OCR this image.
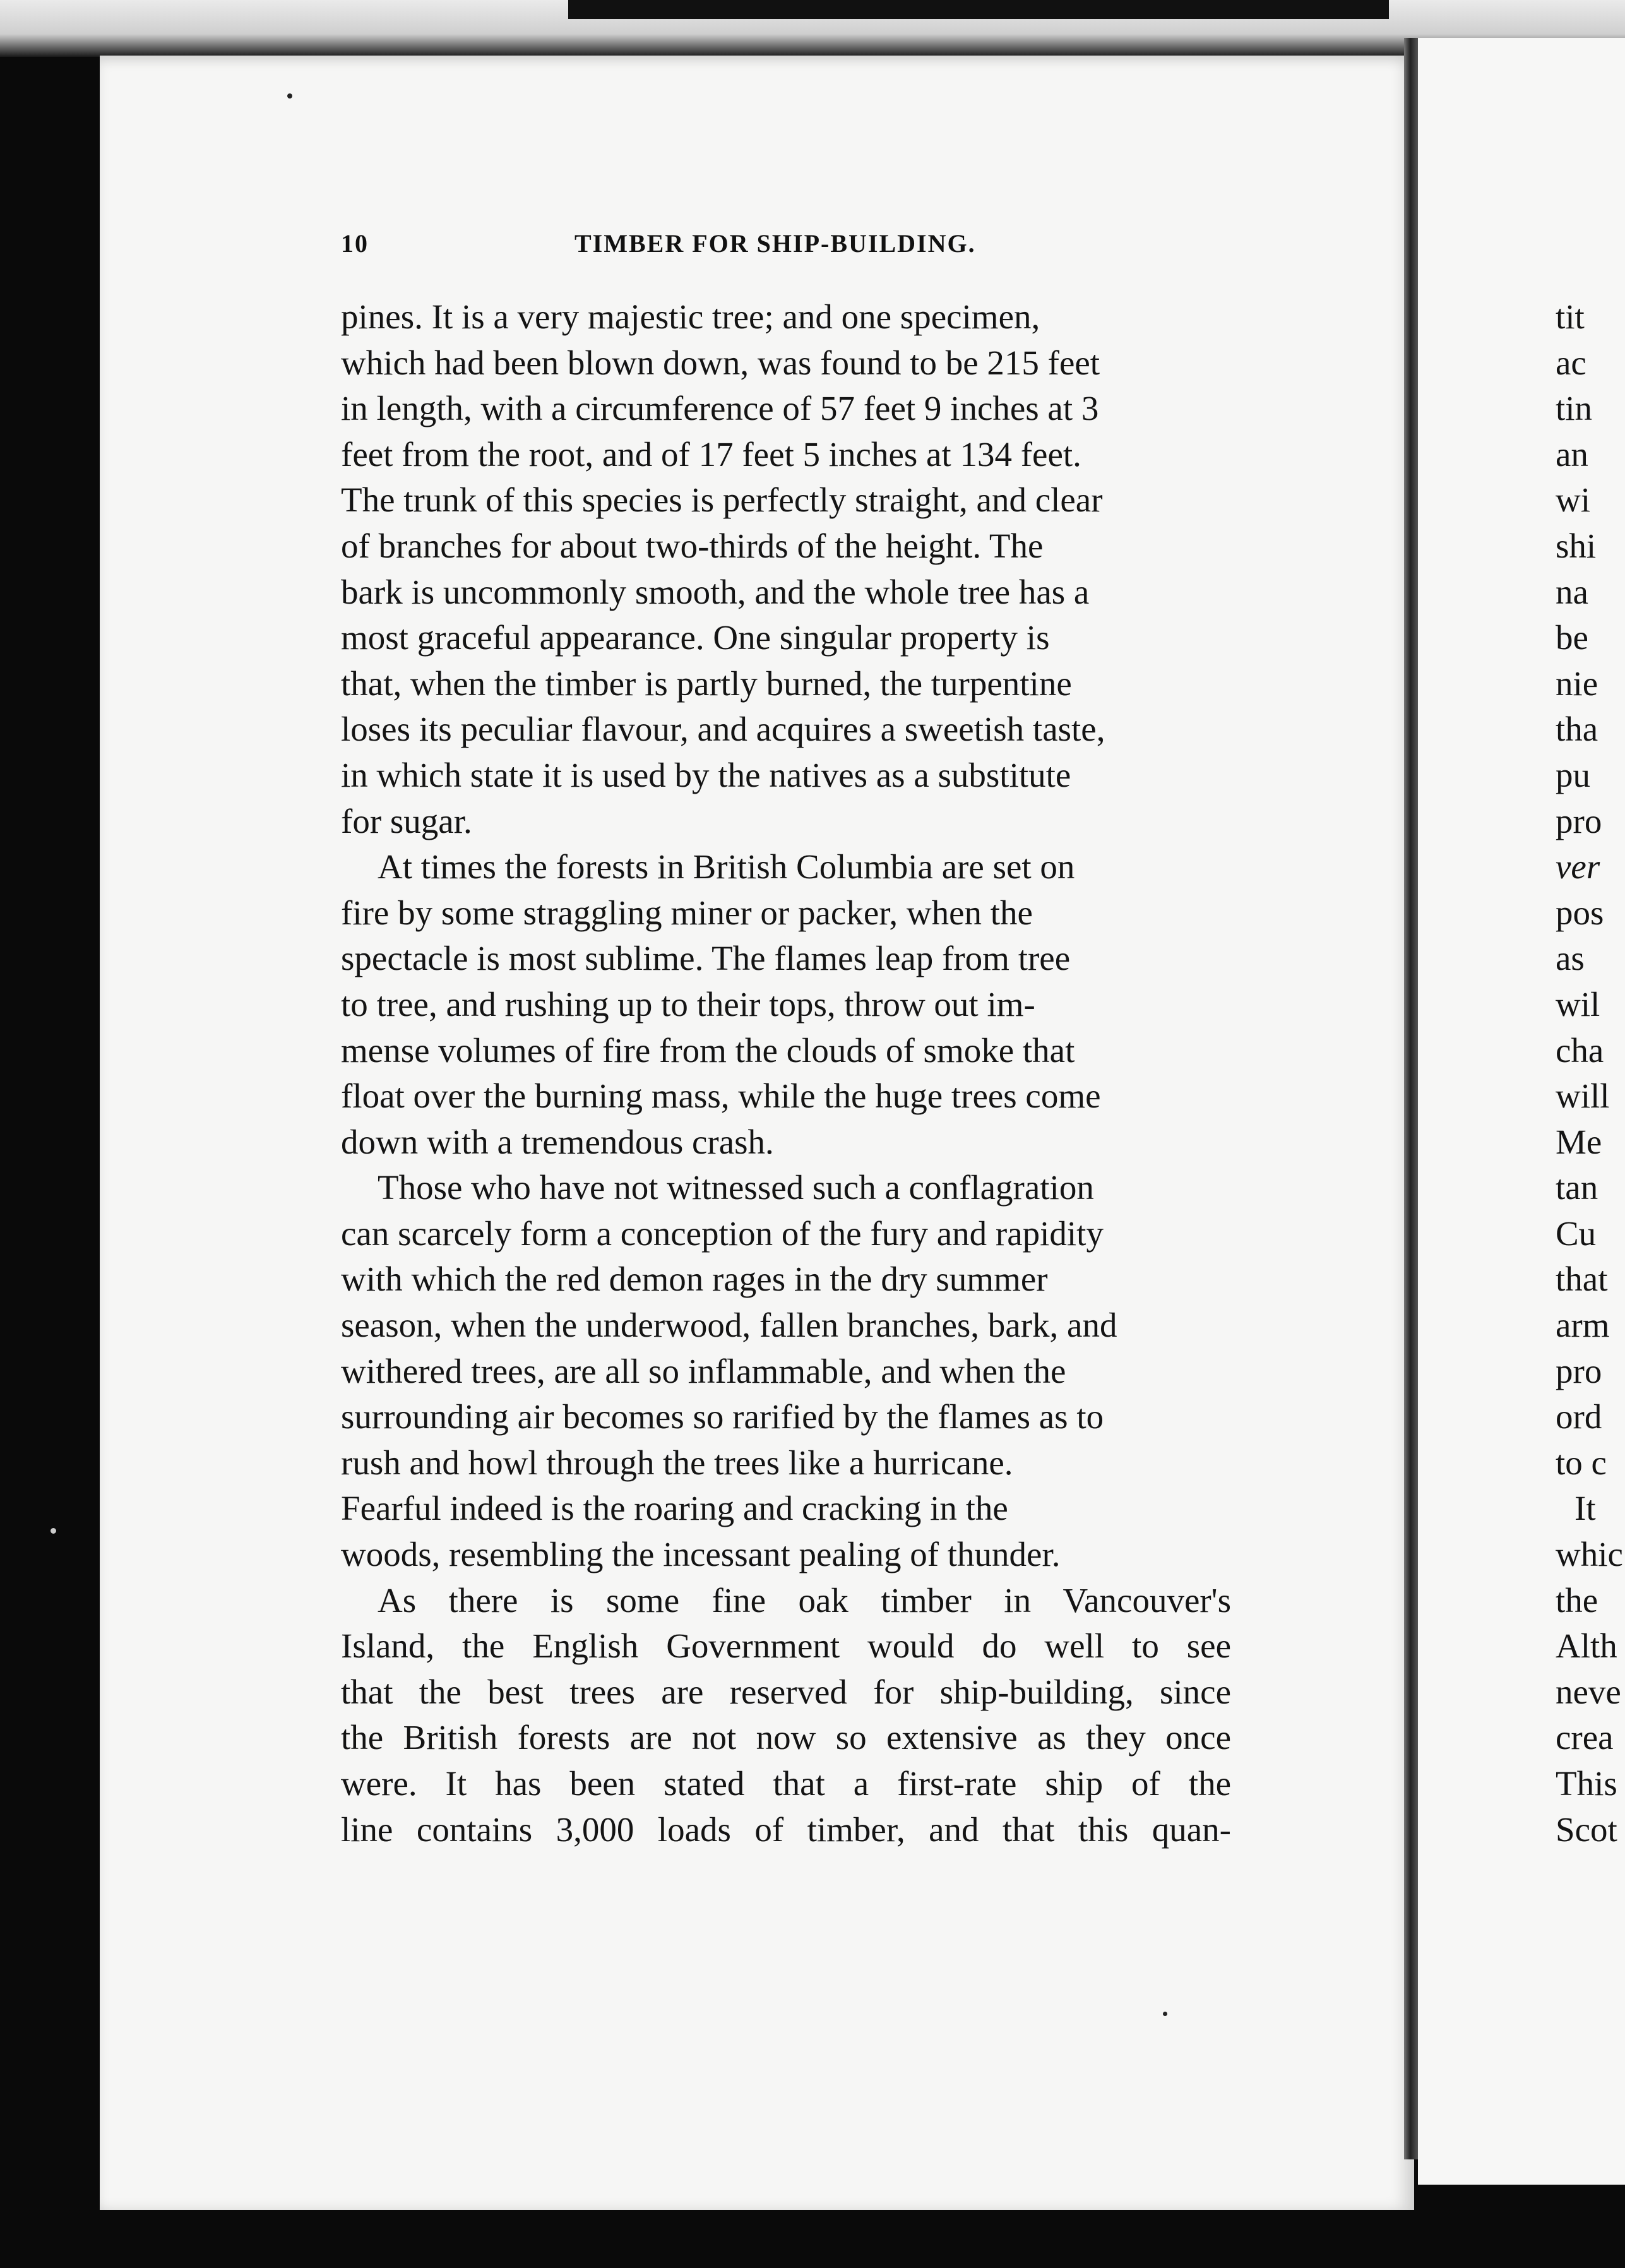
10	TIMBER FOR SHIP-BUILDING.

pines. It is a very majestic tree; and one specimen,
which had been blown down, was found to be 215 feet
in length, with a circumference of 57 feet 9 inches at 3
feet from the root, and of 17 feet 5 inches at 134 feet.
The trunk of this species is perfectly straight, and clear
of branches for about two-thirds of the height. The
bark is uncommonly smooth, and the whole tree has a
most graceful appearance. One singular property is
that, when the timber is partly burned, the turpentine
loses its peculiar flavour, and acquires a sweetish taste,
in which state it is used by the natives as a substitute
for sugar.

At times the forests in British Columbia are set on
fire by some straggling miner or packer, when the
spectacle is most sublime. The flames leap from tree
to tree, and rushing up to their tops, throw out im-
mense volumes of fire from the clouds of smoke that
float over the burning mass, while the huge trees come
down with a tremendous crash.

Those who have not witnessed such a conflagration
can scarcely form a conception of the fury and rapidity
with which the red demon rages in the dry summer
season, when the underwood, fallen branches, bark, and
withered trees, are all so inflammable, and when the
surrounding air becomes so rarified by the flames as to
rush and howl through the trees like a hurricane.
Fearful indeed is the roaring and cracking in the
woods, resembling the incessant pealing of thunder.

As there is some fine oak timber in Vancouver's
Island, the English Government would do well to see
that the best trees are reserved for ship-building, since
the British forests are not now so extensive as they once
were. It has been stated that a first-rate ship of the
line contains 3,000 loads of timber, and that this quan-

tit
ac
tin
an
wi
shi
na
be
nie
tha
pu
pro
ver
pos
as
wil
cha
will
Me
tan
Cu
that
arm
pro
ord
to c
It
whic
the
Alth
neve
crea
This
Scot
